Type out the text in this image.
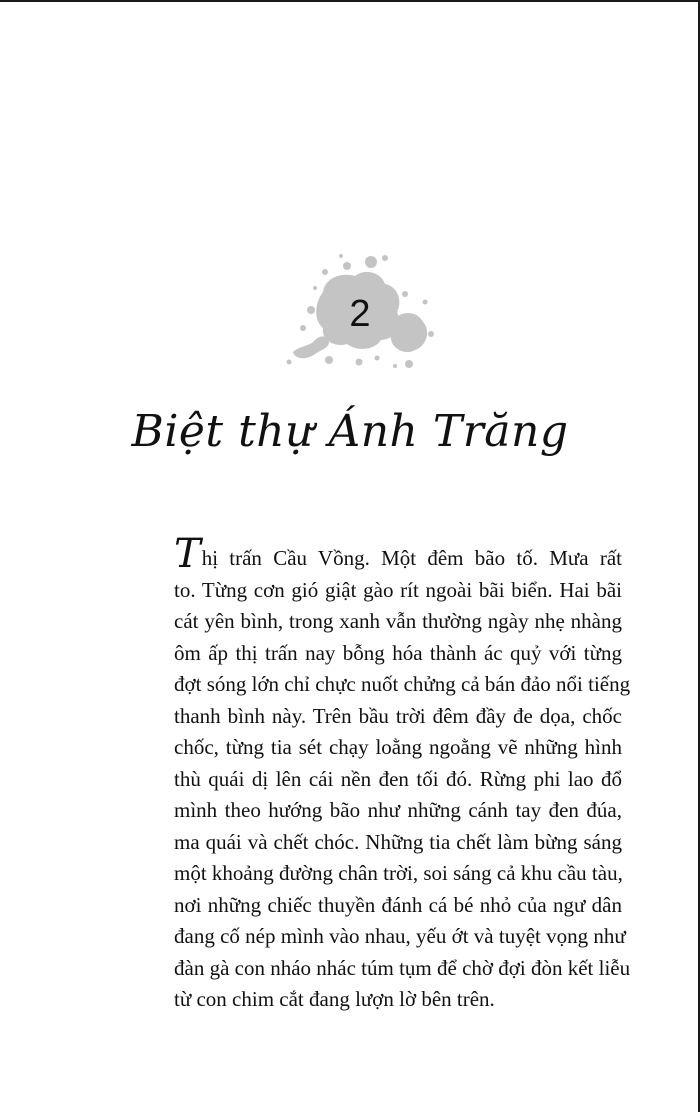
2
Biệt thự Ánh Trăng
Thị trấn Cầu Vồng. Một đêm bão tố. Mưa rất
to. Từng cơn gió giật gào rít ngoài bãi biển. Hai bãi
cát yên bình, trong xanh vẫn thường ngày nhẹ nhàng
ôm ấp thị trấn nay bỗng hóa thành ác quỷ với từng
đợt sóng lớn chỉ chực nuốt chửng cả bán đảo nổi tiếng
thanh bình này. Trên bầu trời đêm đầy đe dọa, chốc
chốc, từng tia sét chạy loằng ngoằng vẽ những hình
thù quái dị lên cái nền đen tối đó. Rừng phi lao đổ
mình theo hướng bão như những cánh tay đen đúa,
ma quái và chết chóc. Những tia chết làm bừng sáng
một khoảng đường chân trời, soi sáng cả khu cầu tàu,
nơi những chiếc thuyền đánh cá bé nhỏ của ngư dân
đang cố nép mình vào nhau, yếu ớt và tuyệt vọng như
đàn gà con nháo nhác túm tụm để chờ đợi đòn kết liễu
từ con chim cắt đang lượn lờ bên trên.
